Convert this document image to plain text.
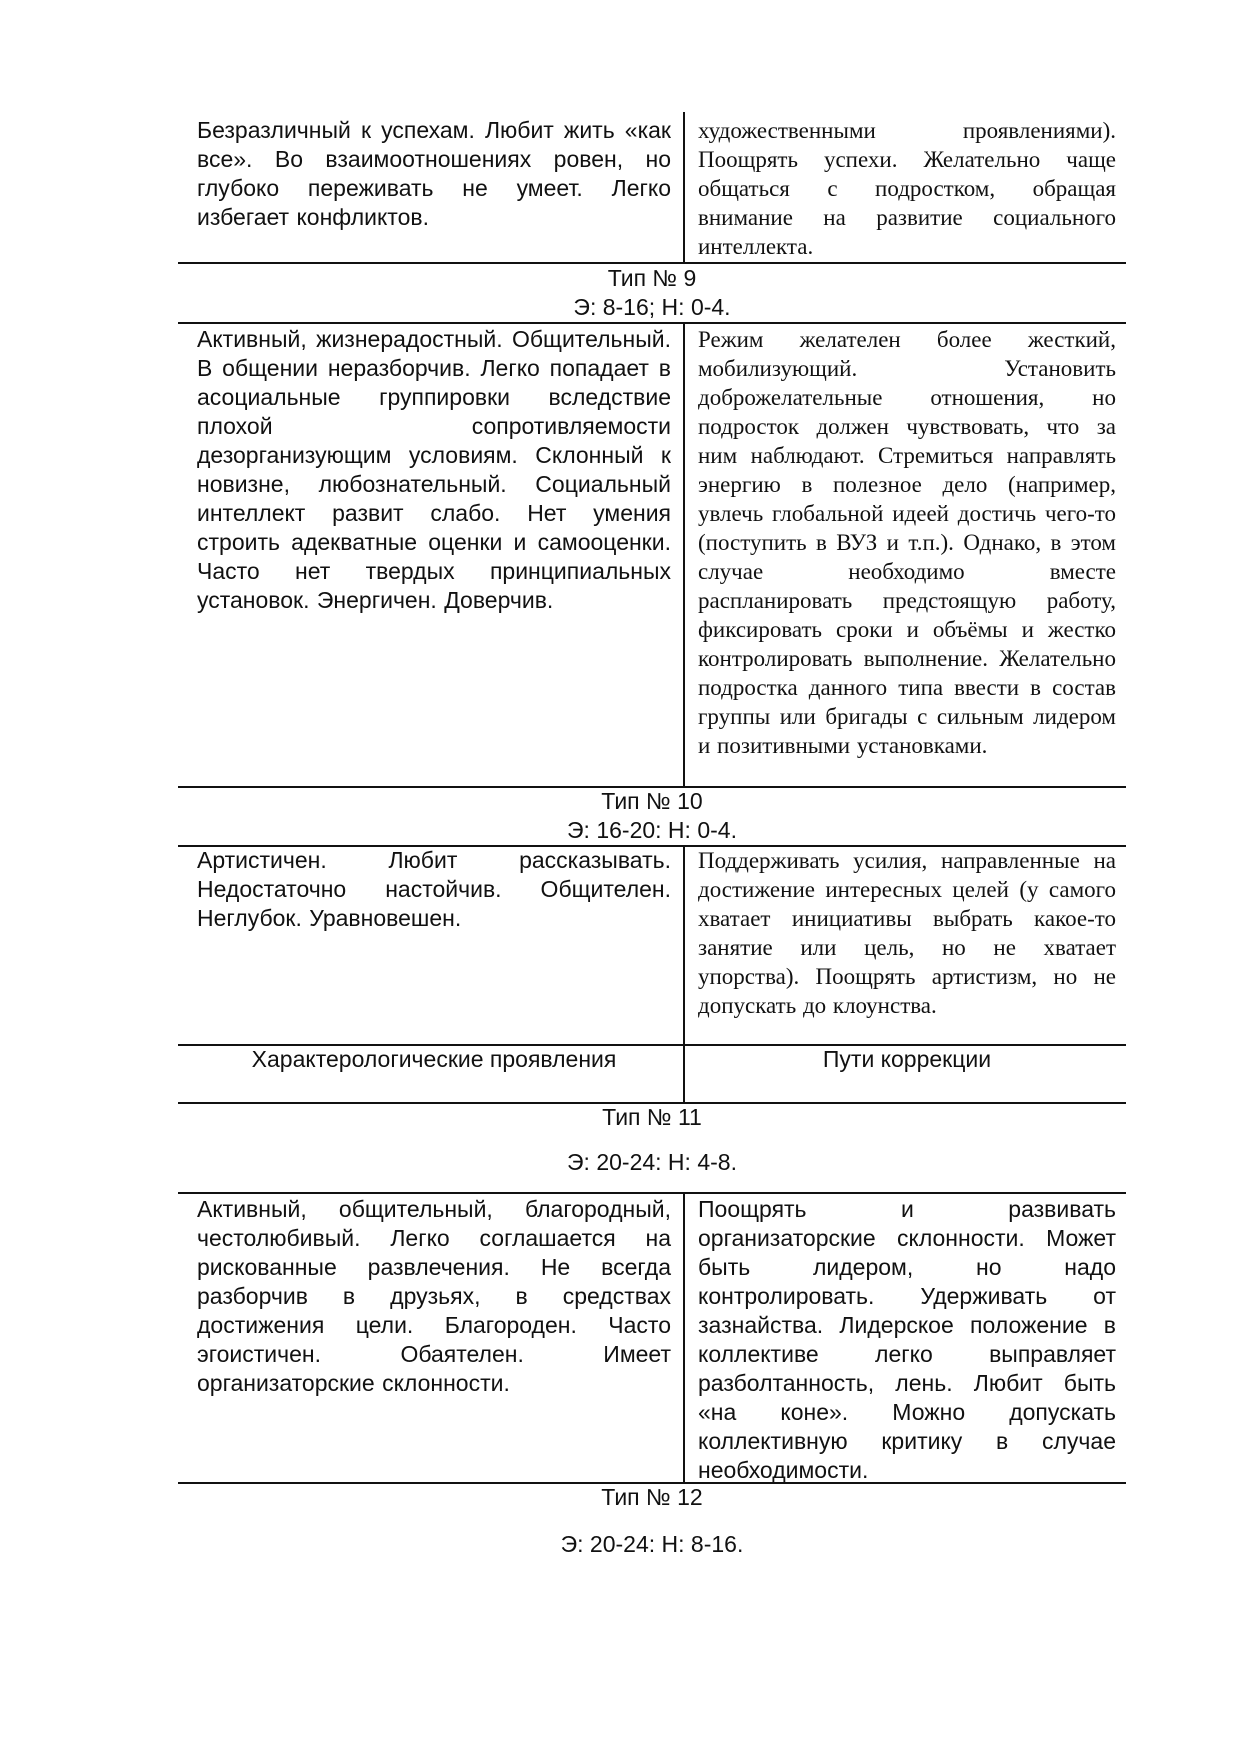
Безразличный к успехам. Любит жить «как все». Во взаимоотношениях ровен, но глубоко переживать не умеет. Легко избегает конфликтов.
художественными проявлениями). Поощрять успехи. Желательно чаще общаться с подростком, обращая внимание на развитие социального интеллекта.
Тип № 9
Э: 8-16; Н: 0-4.
Активный, жизнерадостный. Общительный. В общении неразборчив. Легко попадает в асоциальные группировки вследствие плохой сопротивляемости дезорганизующим условиям. Склонный к новизне, любознательный. Социальный интеллект развит слабо. Нет умения строить адекватные оценки и самооценки. Часто нет твердых принципиальных установок. Энергичен. Доверчив.
Режим желателен более жесткий, мобилизующий. Установить доброжелательные отношения, но подросток должен чувствовать, что за ним наблюдают. Стремиться направлять энергию в полезное дело (например, увлечь глобальной идеей достичь чего-то (поступить в ВУЗ и т.п.). Однако, в этом случае необходимо вместе распланировать предстоящую работу, фиксировать сроки и объёмы и жестко контролировать выполнение. Желательно подростка данного типа ввести в состав группы или бригады с сильным лидером и позитивными установками.
Тип № 10
Э: 16-20: Н: 0-4.
Артистичен. Любит рассказывать. Недостаточно настойчив. Общителен. Неглубок. Уравновешен.
Поддерживать усилия, направленные на достижение интересных целей (у самого хватает инициативы выбрать какое-то занятие или цель, но не хватает упорства). Поощрять артистизм, но не допускать до клоунства.
Характерологические проявления	Пути коррекции
Тип № 11
Э: 20-24: Н: 4-8.
Активный, общительный, благородный, честолюбивый. Легко соглашается на рискованные развлечения. Не всегда разборчив в друзьях, в средствах достижения цели. Благороден. Часто эгоистичен. Обаятелен. Имеет организаторские склонности.
Поощрять и развивать организаторские склонности. Может быть лидером, но надо контролировать. Удерживать от зазнайства. Лидерское положение в коллективе легко выправляет разболтанность, лень. Любит быть «на коне». Можно допускать коллективную критику в случае необходимости.
Тип № 12
Э: 20-24: Н: 8-16.
